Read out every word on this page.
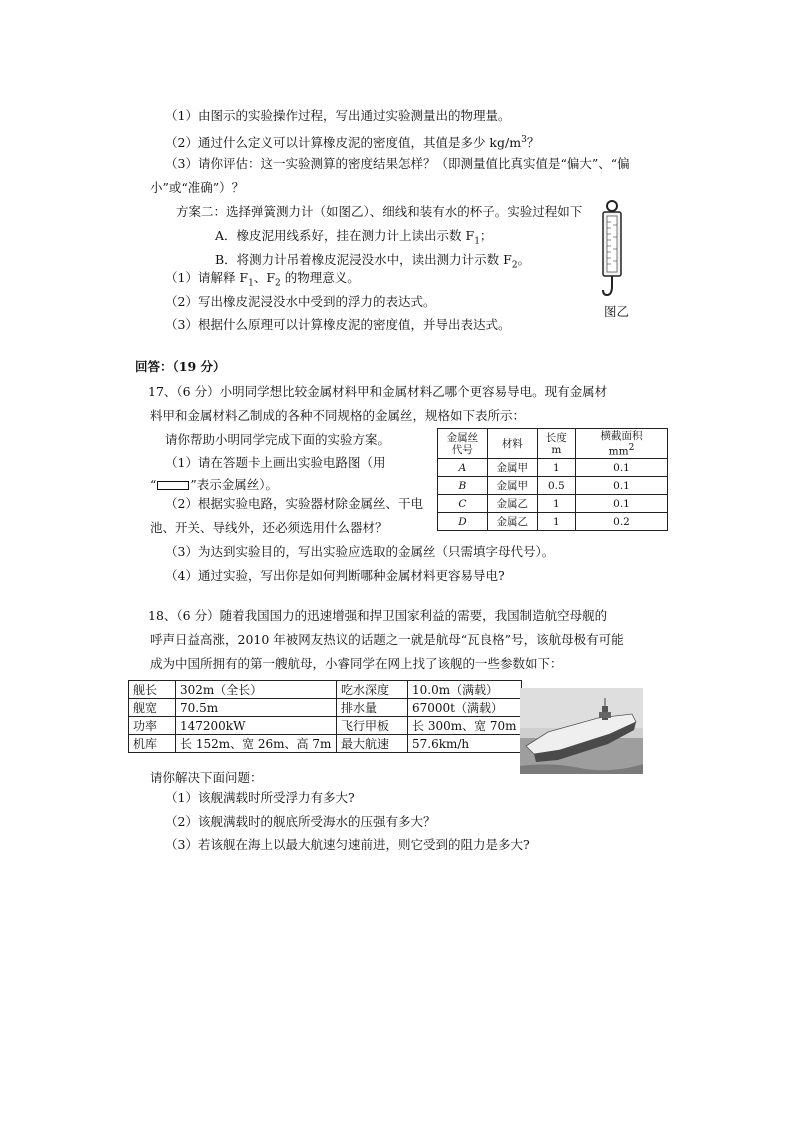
（1）由图示的实验操作过程，写出通过实验测量出的物理量。
（2）通过什么定义可以计算橡皮泥的密度值，其值是多少 $kg/m^3$？
（3）请你评估：这一实验测算的密度结果怎样？（即测量值比真实值是“偏大”、“偏
小”或“准确”）？
方案二：选择弹簧测力计（如图乙）、细线和装有水的杯子。实验过程如下
A．橡皮泥用线系好，挂在测力计上读出示数 $F_1$；
B．将测力计吊着橡皮泥浸没水中，读出测力计示数 $F_2$。
（1）请解释 $F_1$、$F_2$ 的物理意义。
（2）写出橡皮泥浸没水中受到的浮力的表达式。
（3）根据什么原理可以计算橡皮泥的密度值，并导出表达式。
图乙
回答：（19 分）
17、（6 分）小明同学想比较金属材料甲和金属材料乙哪个更容易导电。现有金属材
料甲和金属材料乙制成的各种不同规格的金属丝，规格如下表所示：
请你帮助小明同学完成下面的实验方案。
（1）请在答题卡上画出实验电路图（用
“	”表示金属丝）。
（2）根据实验电路，实验器材除金属丝、干电
池、开关、导线外，还必须选用什么器材？
（3）为达到实验目的，写出实验应选取的金属丝（只需填字母代号）。
（4）通过实验，写出你是如何判断哪种金属材料更容易导电?
金属丝
代号	材料	长度
m	横截面积
$mm^2$
A	金属甲	1	0.1
B	金属甲	0.5	0.1
C	金属乙	1	0.1
D	金属乙	1	0.2
18、（6 分）随着我国国力的迅速增强和捍卫国家利益的需要，我国制造航空母舰的
呼声日益高涨，2010 年被网友热议的话题之一就是航母“瓦良格”号，该航母极有可能
成为中国所拥有的第一艘航母，小睿同学在网上找了该舰的一些参数如下：
舰长	302m（全长）	吃水深度	10.0m（满载）
舰宽	70.5m	排水量	67000t（满载）
功率	147200kW	飞行甲板	长 300m、宽 70m
机库	长 152m、宽 26m、高 7m	最大航速	57.6km/h
请你解决下面问题：
（1）该舰满载时所受浮力有多大?
（2）该舰满载时的舰底所受海水的压强有多大？
（3）若该舰在海上以最大航速匀速前进，则它受到的阻力是多大?
